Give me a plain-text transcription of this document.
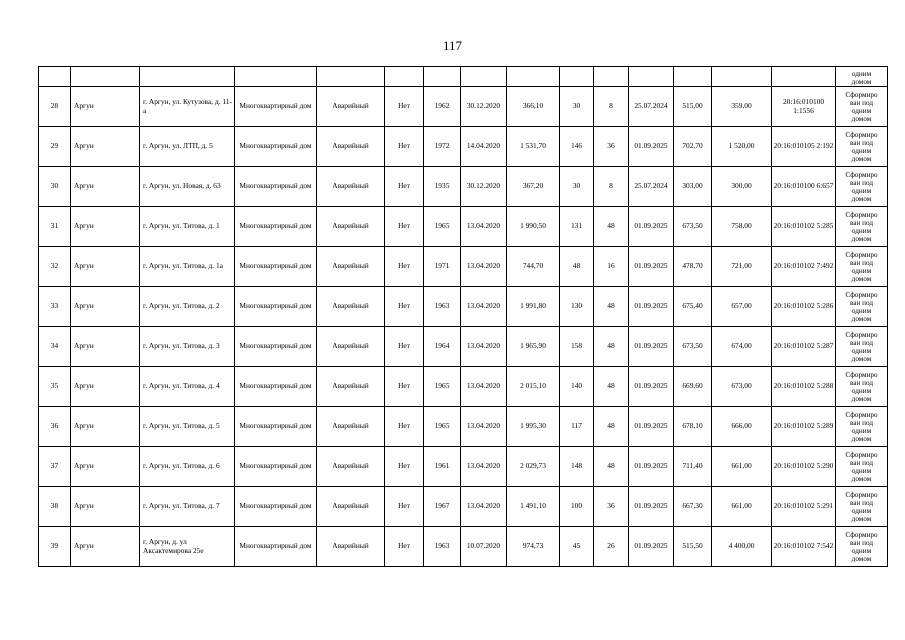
117
															одним
домом
28	Аргун	г. Аргун, ул. Кутузова, д. 11-а	Многоквартирный дом	Аварийный	Нет	1962	30.12.2020	366,10	30	8	25.07.2024	515,00	359,00	20:16:010100 1:1556	Сформиро
ван под
одним
домом
29	Аргун	г. Аргун, ул. ЛТП, д. 5	Многоквартирный дом	Аварийный	Нет	1972	14.04.2020	1 531,70	146	36	01.09.2025	702,70	1 520,00	20:16:010105 2:192	Сформиро
ван под
одним
домом
30	Аргун	г. Аргун, ул. Новая, д. 63	Многоквартирный дом	Аварийный	Нет	1935	30.12.2020	367,20	30	8	25.07.2024	303,00	300,00	20:16:010100 6:657	Сформиро
ван под
одним
домом
31	Аргун	г. Аргун, ул. Титова, д. 1	Многоквартирный дом	Аварийный	Нет	1965	13.04.2020	1 990,50	131	48	01.09.2025	673,50	758,00	20:16:010102 5:285	Сформиро
ван под
одним
домом
32	Аргун	г. Аргун, ул. Титова, д. 1а	Многоквартирный дом	Аварийный	Нет	1971	13.04.2020	744,70	48	16	01.09.2025	478,70	721,00	20:16:010102 7:492	Сформиро
ван под
одним
домом
33	Аргун	г. Аргун, ул. Титова, д. 2	Многоквартирный дом	Аварийный	Нет	1963	13.04.2020	1 991,80	130	48	01.09.2025	675,40	657,00	20:16:010102 5:286	Сформиро
ван под
одним
домом
34	Аргун	г. Аргун, ул. Титова, д. 3	Многоквартирный дом	Аварийный	Нет	1964	13.04.2020	1 965,90	158	48	01.09.2025	673,50	674,00	20:16:010102 5:287	Сформиро
ван под
одним
домом
35	Аргун	г. Аргун, ул. Титова, д. 4	Многоквартирный дом	Аварийный	Нет	1965	13.04.2020	2 015,10	140	48	01.09.2025	669,60	673,00	20:16:010102 5:288	Сформиро
ван под
одним
домом
36	Аргун	г. Аргун, ул. Титова, д. 5	Многоквартирный дом	Аварийный	Нет	1965	13.04.2020	1 995,30	117	48	01.09.2025	678,10	666,00	20:16:010102 5:289	Сформиро
ван под
одним
домом
37	Аргун	г. Аргун, ул. Титова, д. 6	Многоквартирный дом	Аварийный	Нет	1961	13.04.2020	2 029,73	148	48	01.09.2025	711,40	661,00	20:16:010102 5:290	Сформиро
ван под
одним
домом
38	Аргун	г. Аргун, ул. Титова, д. 7	Многоквартирный дом	Аварийный	Нет	1967	13.04.2020	1 491,10	100	36	01.09.2025	667,30	661,00	20:16:010102 5:291	Сформиро
ван под
одним
домом
39	Аргун	г. Аргун, д. ул Аксактемирова 25е	Многоквартирный дом	Аварийный	Нет	1963	10.07.2020	974,73	45	26	01.09.2025	515,50	4 400,00	20:16:010102 7:542	Сформиро
ван под
одним
домом
